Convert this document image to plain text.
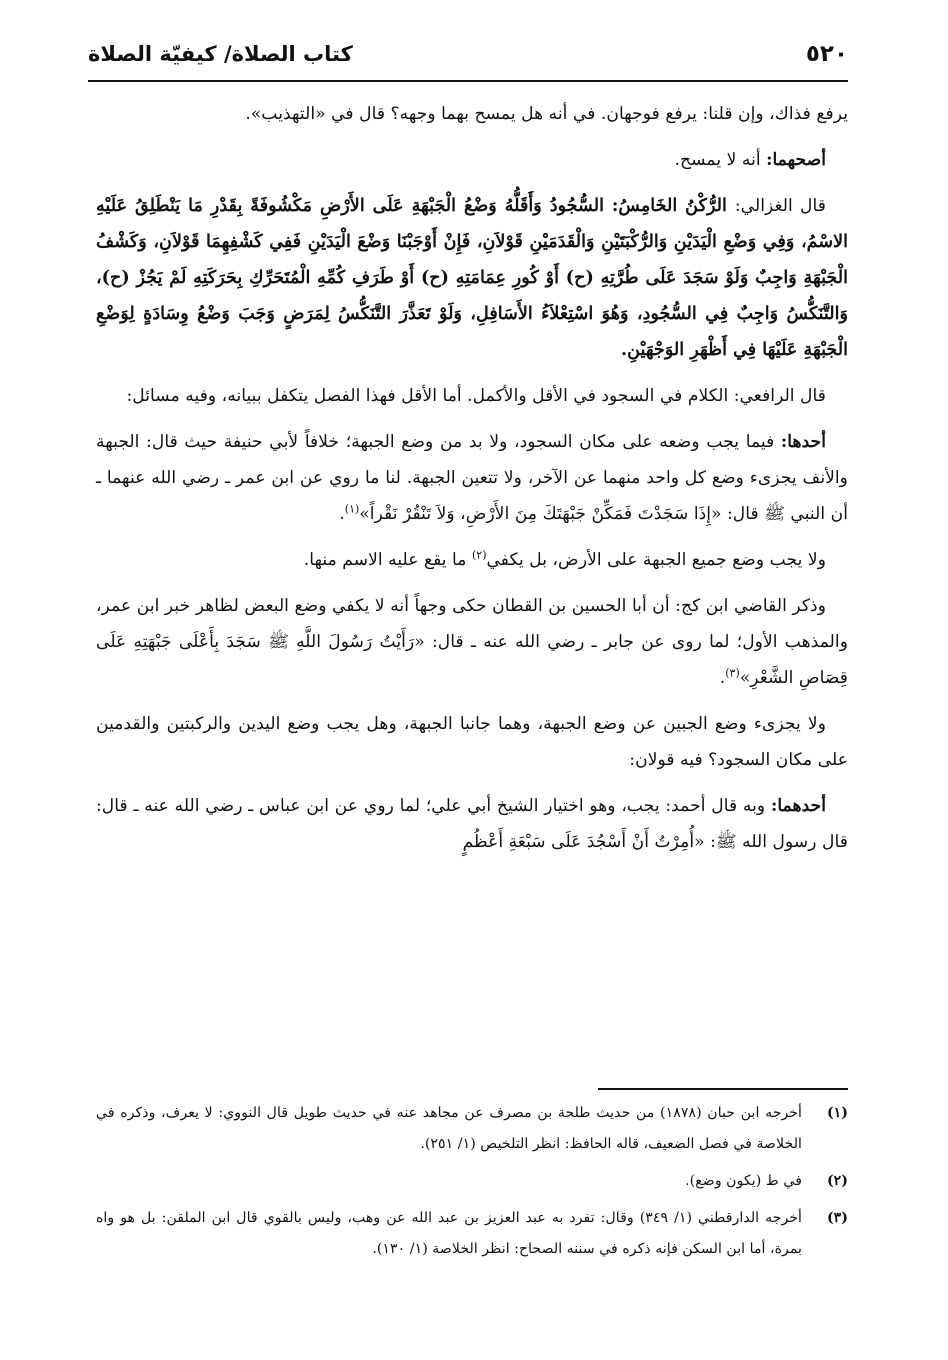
٥٢٠
كتاب الصلاة/ كيفيّة الصلاة

يرفع فذاك، وإن قلنا: يرفع فوجهان. في أنه هل يمسح بهما وجهه؟ قال في «التهذيب».

أصحهما: أنه لا يمسح.

قال الغزالي: الرُّكْنُ الخَامِسُ: السُّجُودُ وَأَقَلُّهُ وَضْعُ الْجَبْهَةِ عَلَى الأَرْضِ مَكْشُوفَةً بِقَدْرِ مَا يَنْطَلِقُ عَلَيْهِ الاسْمُ، وَفِي وَضْعِ الْيَدَيْنِ وَالرُّكْبَتَيْنِ وَالْقَدَمَيْنِ قَوْلاَنِ، فَإِنْ أَوْجَبْنَا وَضْعَ الْيَدَيْنِ فَفِي كَشْفِهِمَا قَوْلاَنِ، وَكَشْفُ الْجَبْهَةِ وَاجِبٌ وَلَوْ سَجَدَ عَلَى طُرَّتِهِ (ح) أَوْ كُورِ عِمَامَتِهِ (ح) أَوْ طَرَفِ كُمِّهِ الْمُتَحَرِّكِ بِحَرَكَتِهِ لَمْ يَجُزْ (ح)، وَالتَّنَكُّسُ وَاجِبٌ فِي السُّجُودِ، وَهُوَ اسْتِعْلاَءُ الأَسَافِلِ، وَلَوْ تَعَذَّرَ التَّنَكُّسُ لِمَرَضٍ وَجَبَ وَضْعُ وِسَادَةٍ لِوَضْعِ الْجَبْهَةِ عَلَيْهَا فِي أَظْهَرِ الوَجْهَيْنِ.

قال الرافعي: الكلام في السجود في الأقل والأكمل. أما الأقل فهذا الفصل يتكفل ببيانه، وفيه مسائل:

أحدها: فيما يجب وضعه على مكان السجود، ولا بد من وضع الجبهة؛ خلافاً لأبي حنيفة حيث قال: الجبهة والأنف يجزىء وضع كل واحد منهما عن الآخر، ولا تتعين الجبهة. لنا ما روي عن ابن عمر ـ رضي الله عنهما ـ أن النبي ﷺ قال: «إِذَا سَجَدْتَ فَمَكِّنْ جَبْهَتَكَ مِنَ الأَرْضِ، وَلاَ تَنْقُرْ نَقْراً»$^{(١)}$.

ولا يجب وضع جميع الجبهة على الأرض، بل يكفي$^{(٢)}$ ما يقع عليه الاسم منها.

وذكر القاضي ابن كج: أن أبا الحسين بن القطان حكى وجهاً أنه لا يكفي وضع البعض لظاهر خبر ابن عمر، والمذهب الأول؛ لما روى عن جابر ـ رضي الله عنه ـ قال: «رَأَيْتُ رَسُولَ اللَّهِ ﷺ سَجَدَ بِأَعْلَى جَبْهَتِهِ عَلَى قِصَاصِ الشَّعْرِ»$^{(٣)}$.

ولا يجزىء وضع الجبين عن وضع الجبهة، وهما جانبا الجبهة، وهل يجب وضع اليدين والركبتين والقدمين على مكان السجود؟ فيه قولان:

أحدهما: وبه قال أحمد: يجب، وهو اختيار الشيخ أبي علي؛ لما روي عن ابن عباس ـ رضي الله عنه ـ قال: قال رسول الله ﷺ: «أُمِرْتُ أَنْ أَسْجُدَ عَلَى سَبْعَةِ أَعْظُمٍ

(١)
أخرجه ابن حبان (١٨٧٨) من حديث طلحة بن مصرف عن مجاهد عنه في حديث طويل قال النووي: لا يعرف، وذكره في الخلاصة في فصل الضعيف، قاله الحافظ: انظر التلخيص (١/ ٢٥١).
(٢)
في ط (يكون وضع).
(٣)
أخرجه الدارقطني (١/ ٣٤٩) وقال: تفرد به عبد العزيز بن عبد الله عن وهب، وليس بالقوي قال ابن الملقن: بل هو واه بمرة، أما ابن السكن فإنه ذكره في سننه الصحاح: انظر الخلاصة (١/ ١٣٠).
